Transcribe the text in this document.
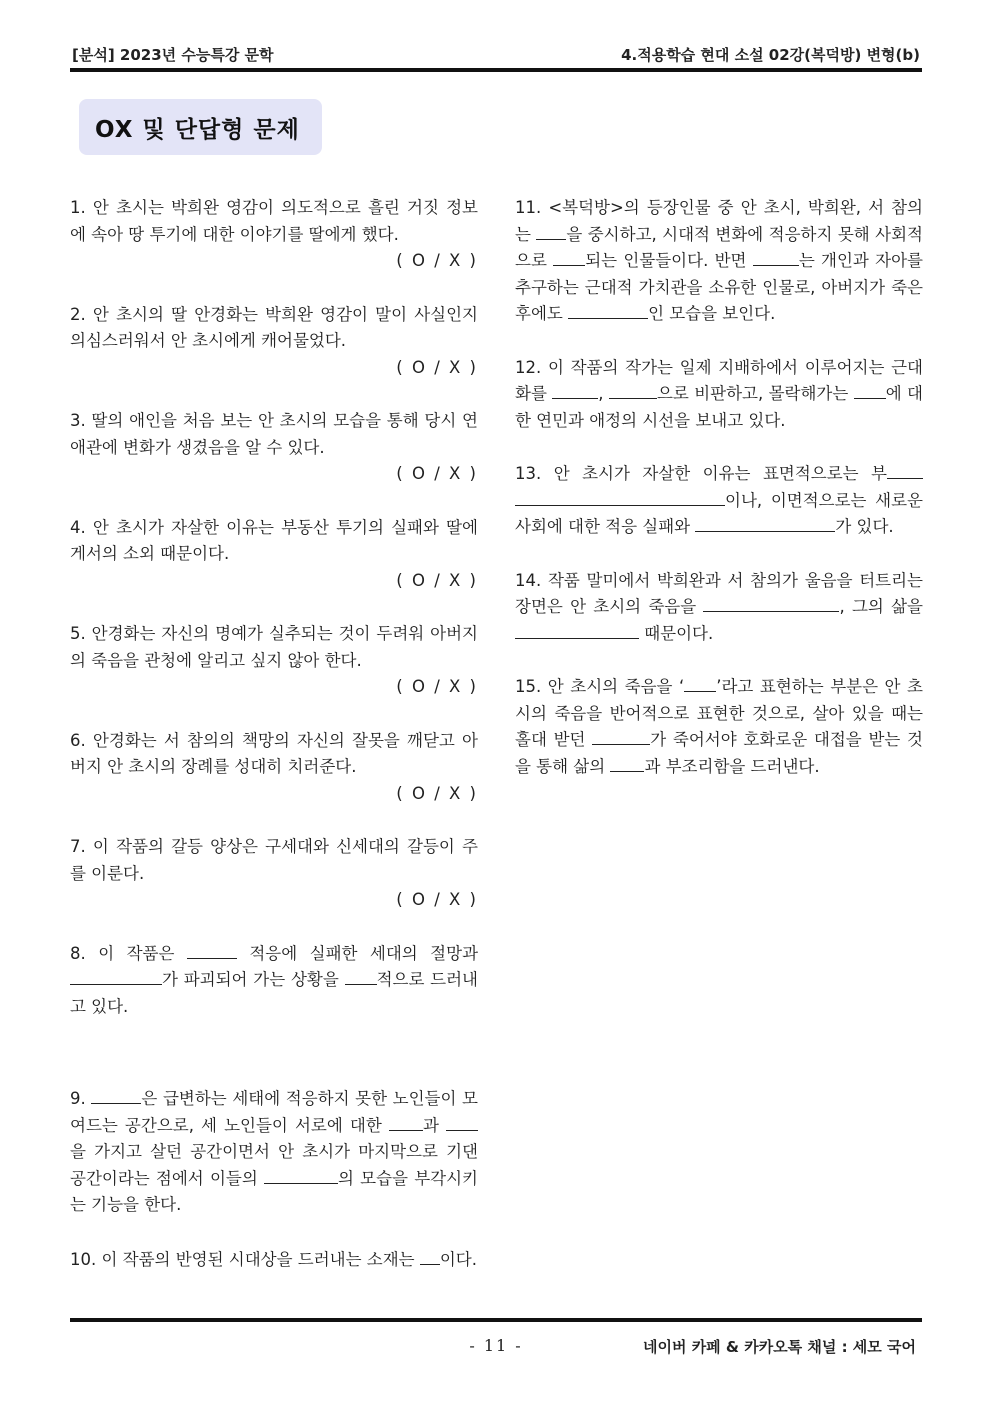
[분석] 2023년 수능특강 문학	4.적용학습 현대 소설 02강(복덕방) 변형(b)
OX 및 단답형 문제

1. 안 초시는 박희완 영감이 의도적으로 흘린 거짓 정보에 속아 땅 투기에 대한 이야기를 딸에게 했다.

( O / X )

2. 안 초시의 딸 안경화는 박희완 영감이 말이 사실인지 의심스러워서 안 초시에게 캐어물었다.

( O / X )

3. 딸의 애인을 처음 보는 안 초시의 모습을 통해 당시 연애관에 변화가 생겼음을 알 수 있다.

( O / X )

4. 안 초시가 자살한 이유는 부동산 투기의 실패와 딸에게서의 소외 때문이다.

( O / X )

5. 안경화는 자신의 명예가 실추되는 것이 두려워 아버지의 죽음을 관청에 알리고 싶지 않아 한다.

( O / X )

6. 안경화는 서 참의의 책망의 자신의 잘못을 깨닫고 아버지 안 초시의 장례를 성대히 치러준다.

( O / X )

7. 이 작품의 갈등 양상은 구세대와 신세대의 갈등이 주를 이룬다.

( O / X )

8. 이 작품은	적응에 실패한 세대의 절망과 가 파괴되어 가는 상황을 적으로 드러내고 있다.

9.	은 급변하는 세태에 적응하지 못한 노인들이 모여드는 공간으로, 세 노인들이 서로에 대한 과 을 가지고 살던 공간이면서 안 초시가 마지막으로 기댄 공간이라는 점에서 이들의	의 모습을 부각시키는 기능을 한다.

10. 이 작품의 반영된 시대상을 드러내는 소재는 이다.

11. <복덕방>의 등장인물 중 안 초시, 박희완, 서 참의는 을 중시하고, 시대적 변화에 적응하지 못해 사회적으로 되는 인물들이다. 반면	는 개인과 자아를 추구하는 근대적 가치관을 소유한 인물로, 아버지가 죽은 후에도	인 모습을 보인다.

12. 이 작품의 작가는 일제 지배하에서 이루어지는 근대화를	,	으로 비판하고, 몰락해가는 에 대한 연민과 애정의 시선을 보내고 있다.

13. 안 초시가 자살한 이유는 표면적으로는 부 이나, 이면적으로는 새로운 사회에 대한 적응 실패와	가 있다.

14. 작품 말미에서 박희완과 서 참의가 울음을 터트리는 장면은 안 초시의 죽음을	, 그의 삶을  때문이다.

15. 안 초시의 죽음을 ‘ ’라고 표현하는 부분은 안 초시의 죽음을 반어적으로 표현한 것으로, 살아 있을 때는 홀대 받던	가 죽어서야 호화로운 대접을 받는 것을 통해 삶의 과 부조리함을 드러낸다.

- 11 -	네이버 카페 & 카카오톡 채널 : 세모 국어
